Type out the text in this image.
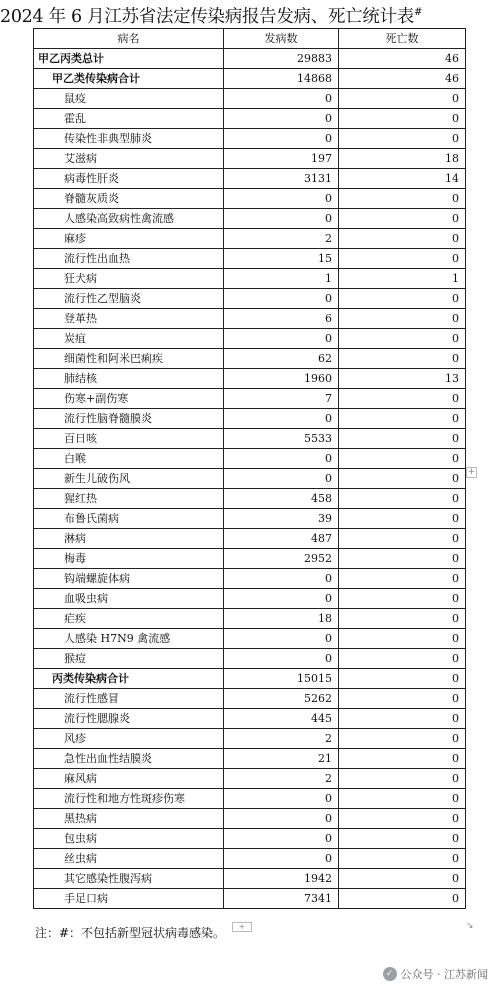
2024 年 6 月江苏省法定传染病报告发病、死亡统计表#
病名	发病数	死亡数
甲乙丙类总计	29883	46
甲乙类传染病合计	14868	46
鼠疫	0	0
霍乱	0	0
传染性非典型肺炎	0	0
艾滋病	197	18
病毒性肝炎	3131	14
脊髓灰质炎	0	0
人感染高致病性禽流感	0	0
麻疹	2	0
流行性出血热	15	0
狂犬病	1	1
流行性乙型脑炎	0	0
登革热	6	0
炭疽	0	0
细菌性和阿米巴痢疾	62	0
肺结核	1960	13
伤寒+副伤寒	7	0
流行性脑脊髓膜炎	0	0
百日咳	5533	0
白喉	0	0
新生儿破伤风	0	0
猩红热	458	0
布鲁氏菌病	39	0
淋病	487	0
梅毒	2952	0
钩端螺旋体病	0	0
血吸虫病	0	0
疟疾	18	0
人感染 H7N9 禽流感	0	0
猴痘	0	0
丙类传染病合计	15015	0
流行性感冒	5262	0
流行性腮腺炎	445	0
风疹	2	0
急性出血性结膜炎	21	0
麻风病	2	0
流行性和地方性斑疹伤寒	0	0
黑热病	0	0
包虫病	0	0
丝虫病	0	0
其它感染性腹泻病	1942	0
手足口病	7341	0
+
+	↘
注：#：不包括新型冠状病毒感染。
✓ 公众号 · 江苏新闻
